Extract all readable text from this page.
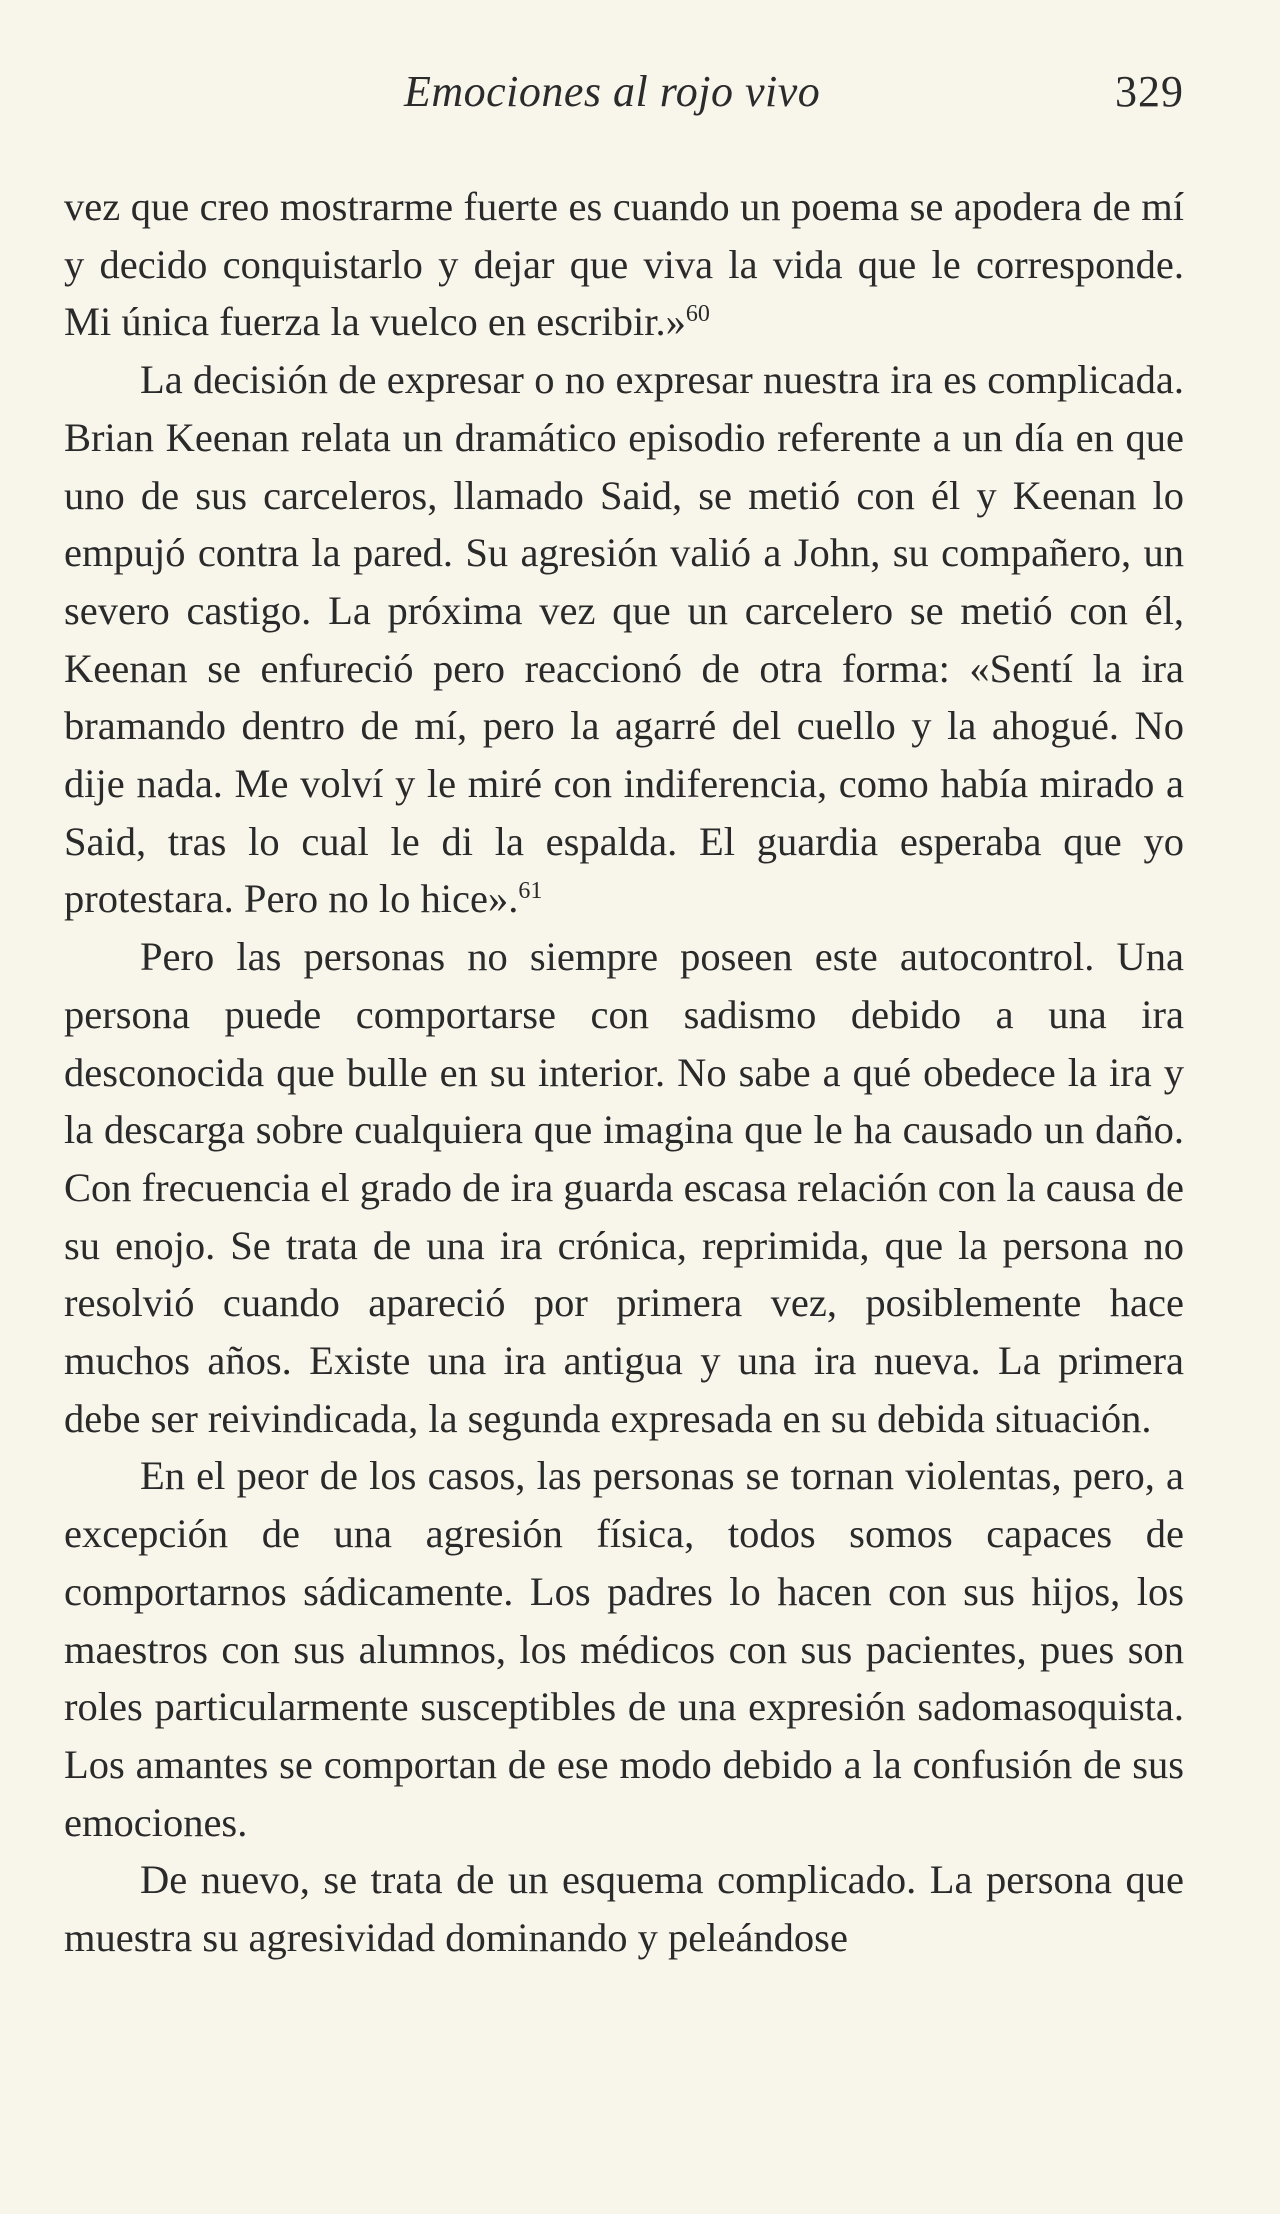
Emociones al rojo vivo	329

vez que creo mostrarme fuerte es cuando un poema se apodera de mí y decido conquistarlo y dejar que viva la vida que le corresponde. Mi única fuerza la vuelco en escribir.»$^{60}$

La decisión de expresar o no expresar nuestra ira es complicada. Brian Keenan relata un dramático episodio referente a un día en que uno de sus carceleros, llamado Said, se metió con él y Keenan lo empujó contra la pared. Su agresión valió a John, su compañero, un severo castigo. La próxima vez que un carcelero se metió con él, Keenan se enfureció pero reaccionó de otra forma: «Sentí la ira bramando dentro de mí, pero la agarré del cuello y la ahogué. No dije nada. Me volví y le miré con indiferencia, como había mirado a Said, tras lo cual le di la espalda. El guardia esperaba que yo protestara. Pero no lo hice».$^{61}$

Pero las personas no siempre poseen este autocontrol. Una persona puede comportarse con sadismo debido a una ira desconocida que bulle en su interior. No sabe a qué obedece la ira y la descarga sobre cualquiera que imagina que le ha causado un daño. Con frecuencia el grado de ira guarda escasa relación con la causa de su enojo. Se trata de una ira crónica, reprimida, que la persona no resolvió cuando apareció por primera vez, posiblemente hace muchos años. Existe una ira antigua y una ira nueva. La primera debe ser reivindicada, la segunda expresada en su debida situación.

En el peor de los casos, las personas se tornan violentas, pero, a excepción de una agresión física, todos somos capaces de comportarnos sádicamente. Los padres lo hacen con sus hijos, los maestros con sus alumnos, los médicos con sus pacientes, pues son roles particularmente susceptibles de una expresión sadomasoquista. Los amantes se comportan de ese modo debido a la confusión de sus emociones.

De nuevo, se trata de un esquema complicado. La persona que muestra su agresividad dominando y peleándose
